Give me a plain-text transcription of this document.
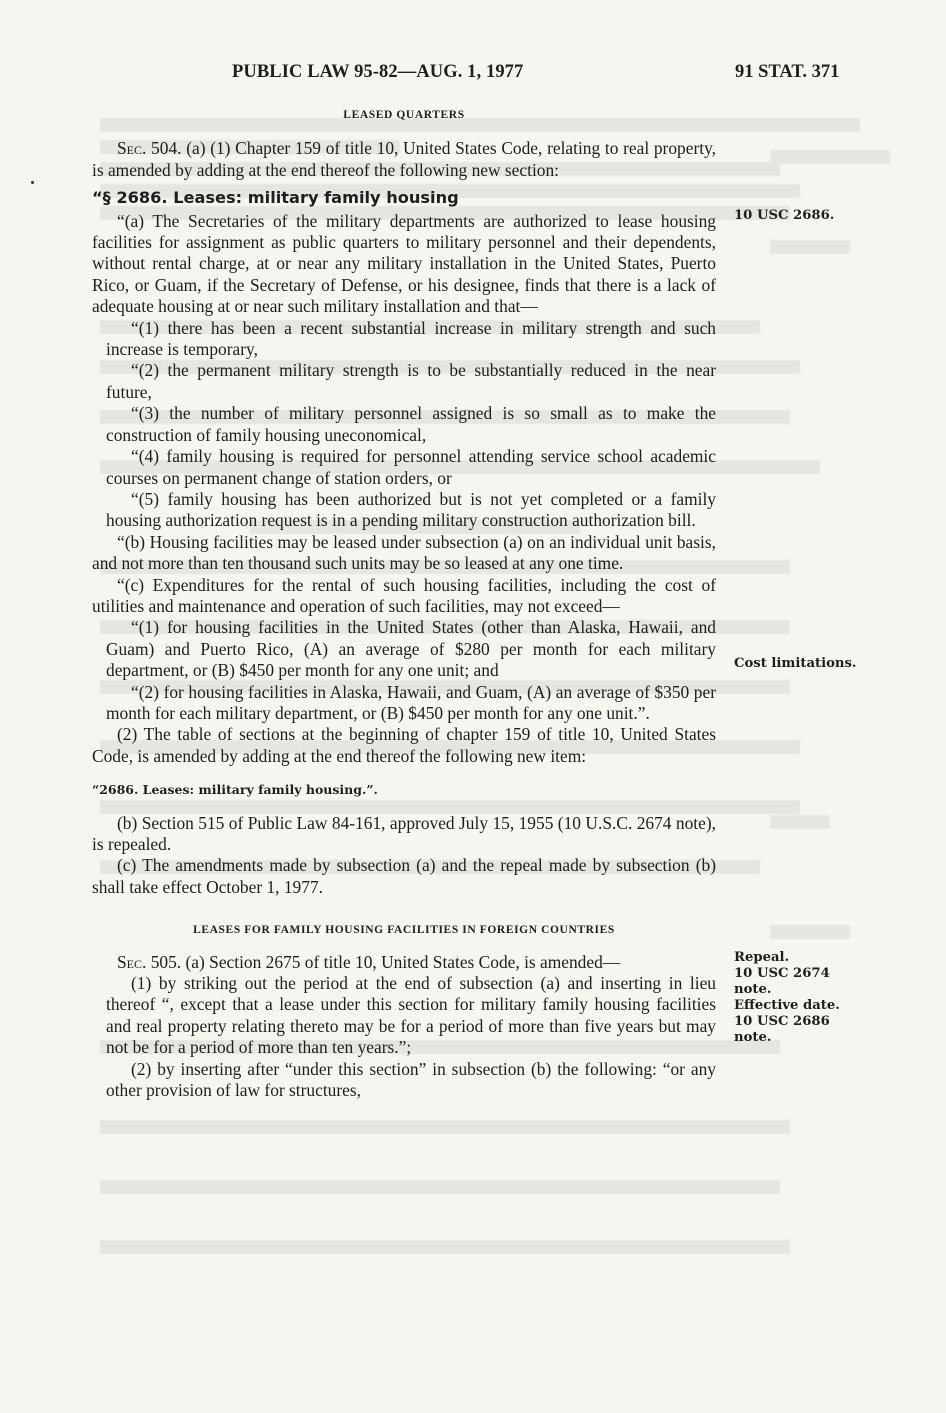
PUBLIC LAW 95-82—AUG. 1, 1977	91 STAT. 371

LEASED QUARTERS

Sec. 504. (a) (1) Chapter 159 of title 10, United States Code, relating to real property, is amended by adding at the end thereof the following new section:

“§ 2686. Leases: military family housing

“(a) The Secretaries of the military departments are authorized to lease housing facilities for assignment as public quarters to military personnel and their dependents, without rental charge, at or near any military installation in the United States, Puerto Rico, or Guam, if the Secretary of Defense, or his designee, finds that there is a lack of adequate housing at or near such military installation and that—

“(1) there has been a recent substantial increase in military strength and such increase is temporary,

“(2) the permanent military strength is to be substantially reduced in the near future,

“(3) the number of military personnel assigned is so small as to make the construction of family housing uneconomical,

“(4) family housing is required for personnel attending service school academic courses on permanent change of station orders, or

“(5) family housing has been authorized but is not yet completed or a family housing authorization request is in a pending military construction authorization bill.

“(b) Housing facilities may be leased under subsection (a) on an individual unit basis, and not more than ten thousand such units may be so leased at any one time.

“(c) Expenditures for the rental of such housing facilities, including the cost of utilities and maintenance and operation of such facilities, may not exceed—

“(1) for housing facilities in the United States (other than Alaska, Hawaii, and Guam) and Puerto Rico, (A) an average of $280 per month for each military department, or (B) $450 per month for any one unit; and

“(2) for housing facilities in Alaska, Hawaii, and Guam, (A) an average of $350 per month for each military department, or (B) $450 per month for any one unit.”.

(2) The table of sections at the beginning of chapter 159 of title 10, United States Code, is amended by adding at the end thereof the following new item:

“2686. Leases: military family housing.”.

(b) Section 515 of Public Law 84-161, approved July 15, 1955 (10 U.S.C. 2674 note), is repealed.

(c) The amendments made by subsection (a) and the repeal made by subsection (b) shall take effect October 1, 1977.

LEASES FOR FAMILY HOUSING FACILITIES IN FOREIGN COUNTRIES

Sec. 505. (a) Section 2675 of title 10, United States Code, is amended—

(1) by striking out the period at the end of subsection (a) and inserting in lieu thereof “, except that a lease under this section for military family housing facilities and real property relating thereto may be for a period of more than five years but may not be for a period of more than ten years.”;

(2) by inserting after “under this section” in subsection (b) the following: “or any other provision of law for structures,

10 USC 2686.
Cost limitations.
Repeal.
10 USC 2674
note.
Effective date.
10 USC 2686
note.
